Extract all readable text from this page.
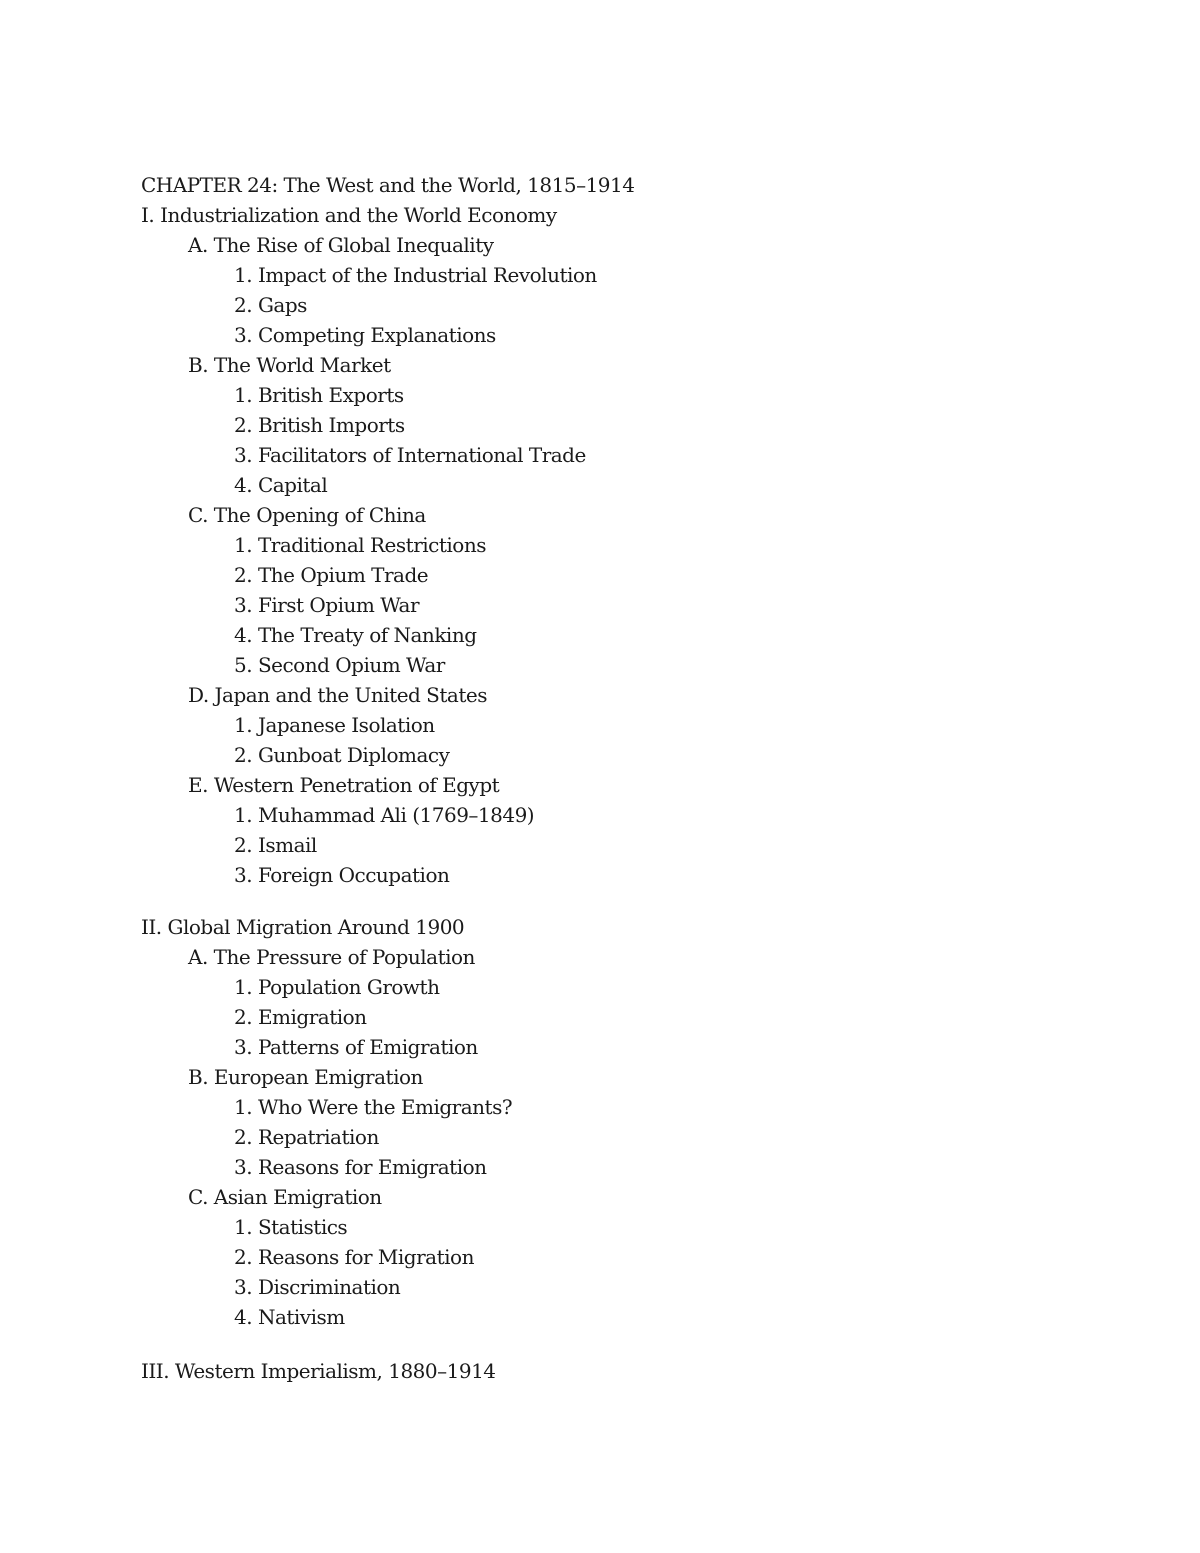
CHAPTER 24: The West and the World, 1815–1914
I. Industrialization and the World Economy
A. The Rise of Global Inequality
1. Impact of the Industrial Revolution
2. Gaps
3. Competing Explanations
B. The World Market
1. British Exports
2. British Imports
3. Facilitators of International Trade
4. Capital
C. The Opening of China
1. Traditional Restrictions
2. The Opium Trade
3. First Opium War
4. The Treaty of Nanking
5. Second Opium War
D. Japan and the United States
1. Japanese Isolation
2. Gunboat Diplomacy
E. Western Penetration of Egypt
1. Muhammad Ali (1769–1849)
2. Ismail
3. Foreign Occupation
II. Global Migration Around 1900
A. The Pressure of Population
1. Population Growth
2. Emigration
3. Patterns of Emigration
B. European Emigration
1. Who Were the Emigrants?
2. Repatriation
3. Reasons for Emigration
C. Asian Emigration
1. Statistics
2. Reasons for Migration
3. Discrimination
4. Nativism
III. Western Imperialism, 1880–1914
